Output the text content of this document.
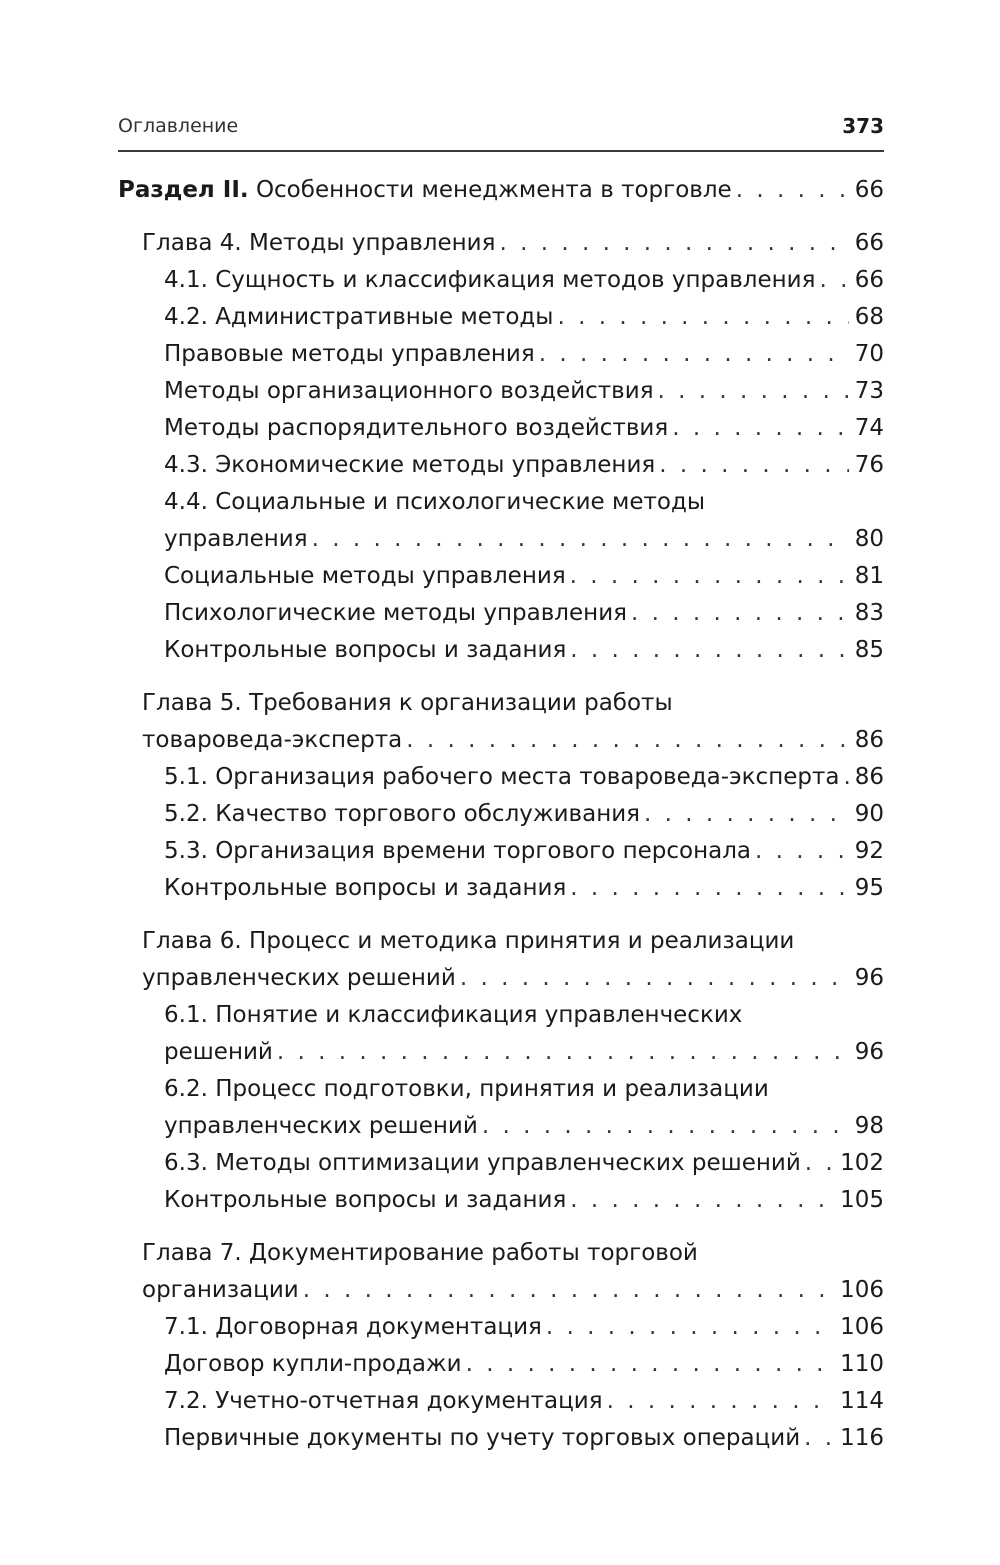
Оглавление	373
Раздел II. Особенности менеджмента в торговле . . .	66
Глава 4. Методы управления . . .	66
4.1. Сущность и классификация методов управления . . . 66
4.2. Административные методы . . .	68
Правовые методы управления . . .	70
Методы организационного воздействия . . .	73
Методы распорядительного воздействия . . .	74
4.3. Экономические методы управления . . .	76
4.4. Социальные и психологические методы
управления . . .	80
Социальные методы управления . . .	81
Психологические методы управления . . .	83
Контрольные вопросы и задания . . .	85
Глава 5. Требования к организации работы
товароведа-эксперта . . .	86
5.1. Организация рабочего места товароведа-эксперта . . . 86
5.2. Качество торгового обслуживания . . .	90
5.3. Организация времени торгового персонала . . .	92
Контрольные вопросы и задания . . .	95
Глава 6. Процесс и методика принятия и реализации
управленческих решений . . .	96
6.1. Понятие и классификация управленческих
решений . . .	96
6.2. Процесс подготовки, принятия и реализации
управленческих решений . . .	98
6.3. Методы оптимизации управленческих решений . . . 102
Контрольные вопросы и задания . . .	105
Глава 7. Документирование работы торговой
организации . . .	106
7.1. Договорная документация . . .	106
Договор купли-продажи . . .	110
7.2. Учетно-отчетная документация . . .	114
Первичные документы по учету торговых операций . . . 116
